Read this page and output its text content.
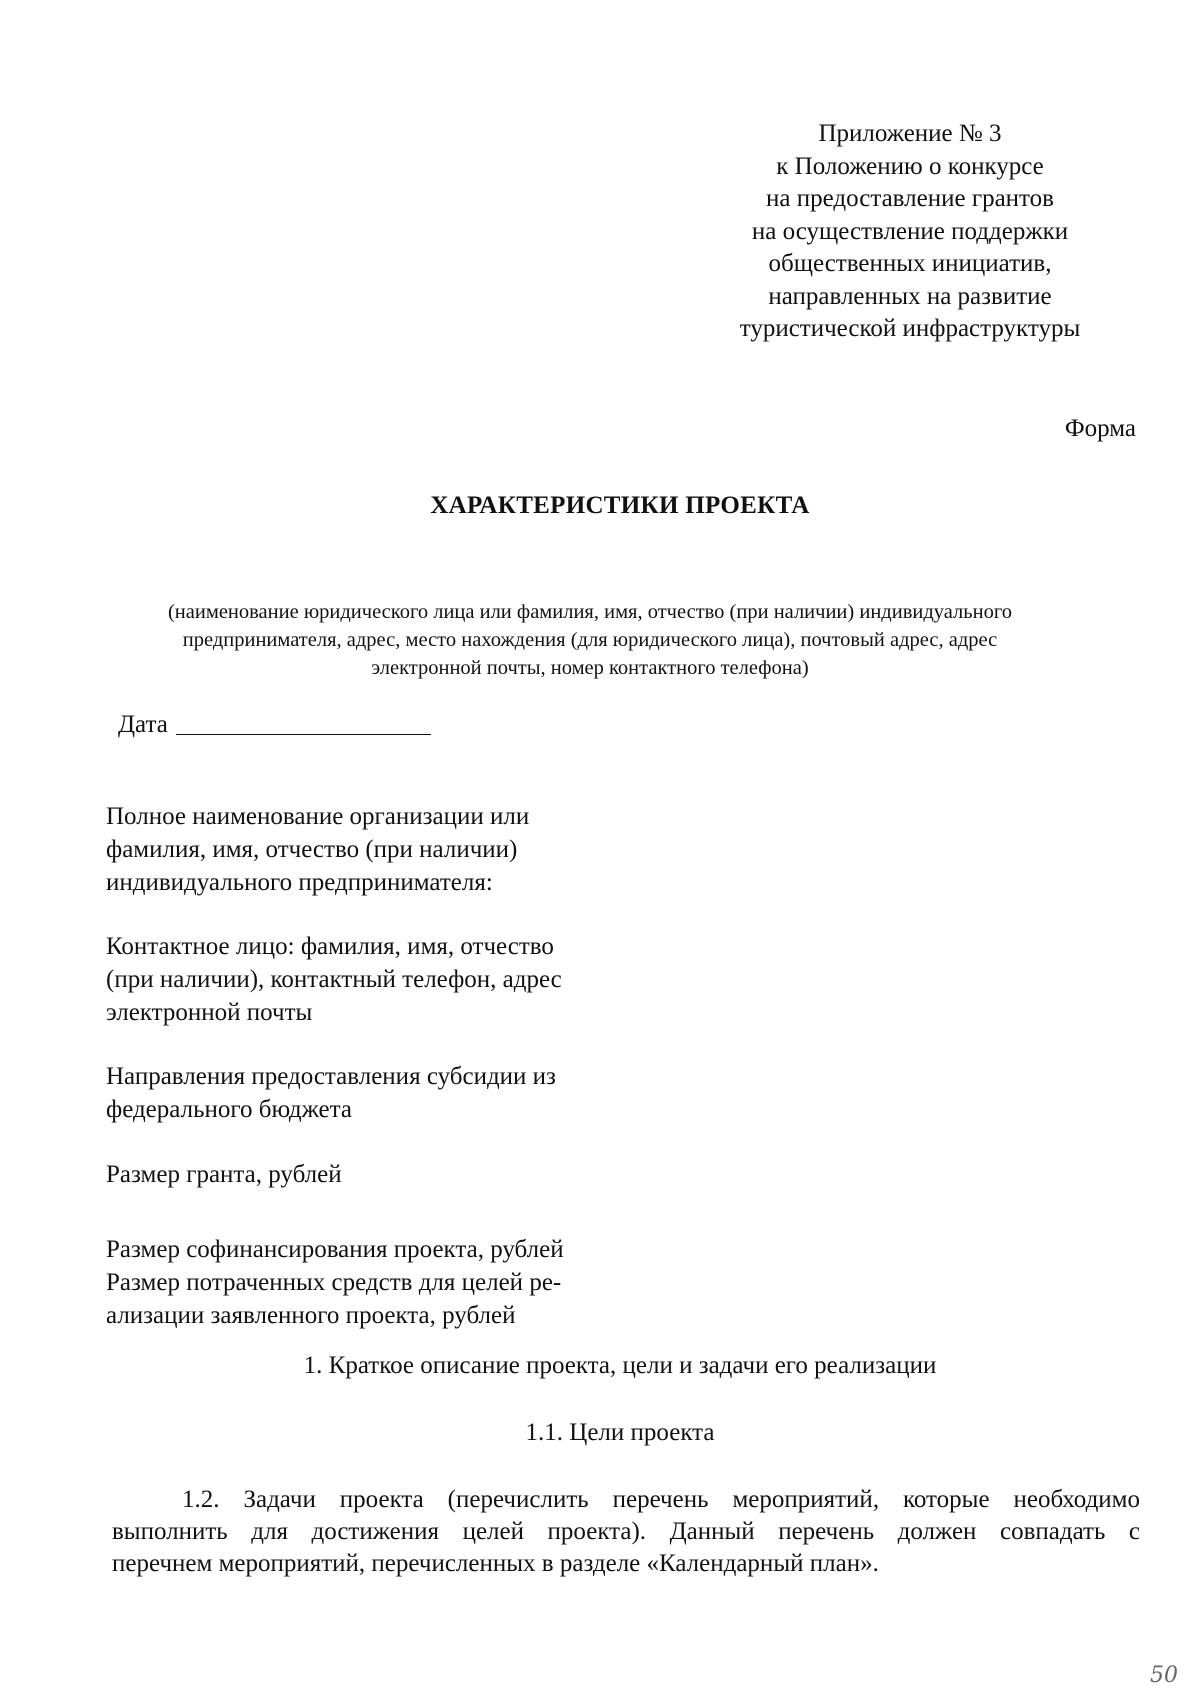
Приложение № 3
к Положению о конкурсе
на предоставление грантов
на осуществление поддержки
общественных инициатив,
направленных на развитие
туристической инфраструктуры
Форма
ХАРАКТЕРИСТИКИ ПРОЕКТА
(наименование юридического лица или фамилия, имя, отчество (при наличии) индивидуального
предпринимателя, адрес, место нахождения (для юридического лица), почтовый адрес, адрес
электронной почты, номер контактного телефона)
Дата
Полное наименование организации или
фамилия, имя, отчество (при наличии)
индивидуального предпринимателя:
Контактное лицо: фамилия, имя, отчество
(при наличии), контактный телефон, адрес
электронной почты
Направления предоставления субсидии из
федерального бюджета
Размер гранта, рублей
Размер софинансирования проекта, рублей
Размер потраченных средств для целей ре-
ализации заявленного проекта, рублей
1. Краткое описание проекта, цели и задачи его реализации
1.1. Цели проекта
1.2. Задачи проекта (перечислить перечень мероприятий, которые необходимо
выполнить для достижения целей проекта). Данный перечень должен совпадать с
перечнем мероприятий, перечисленных в разделе «Календарный план».
50
